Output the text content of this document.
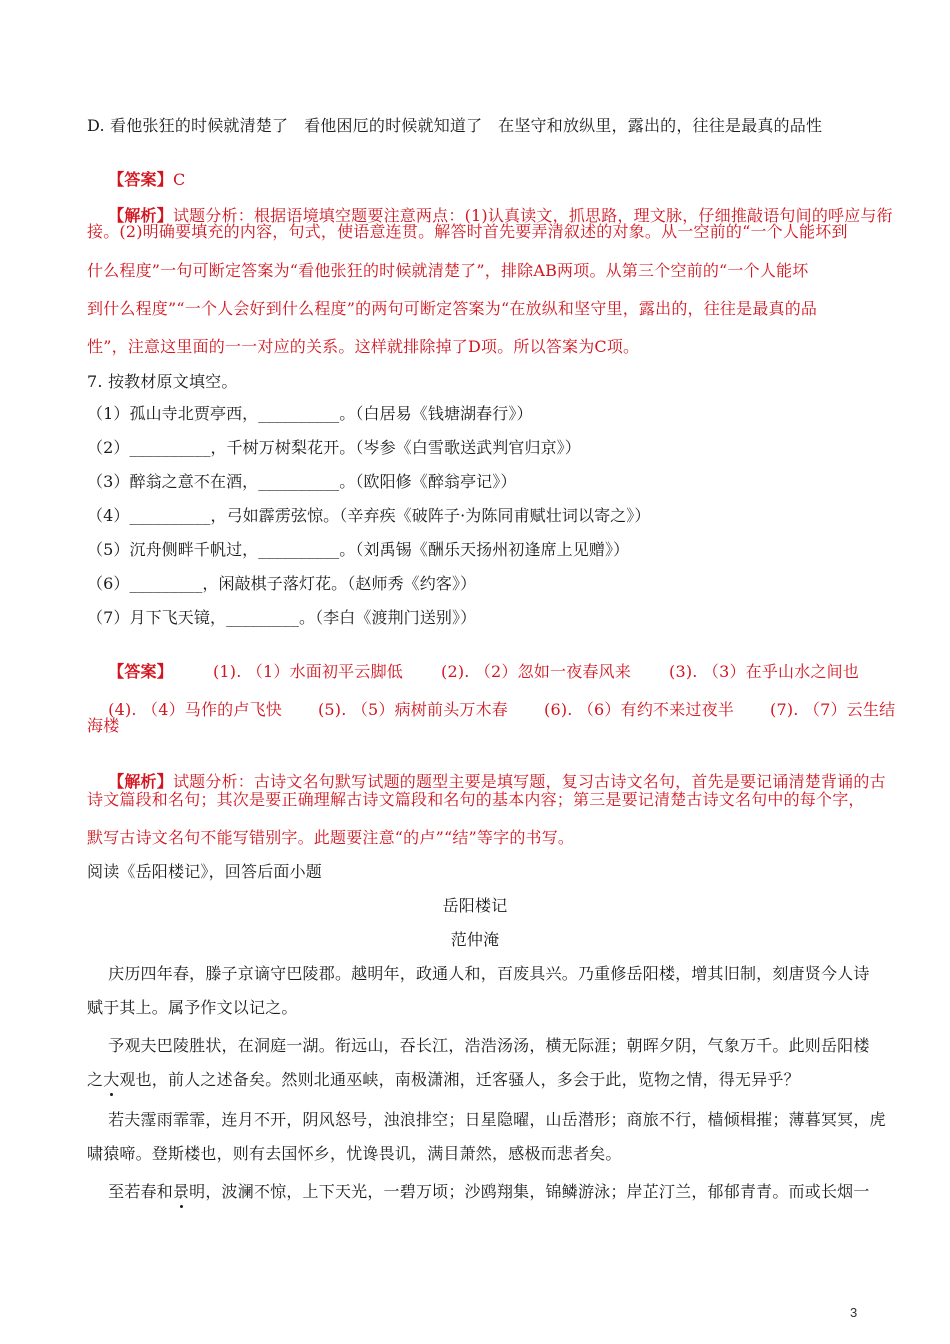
D. 看他张狂的时候就清楚了   看他困厄的时候就知道了   在坚守和放纵里，露出的，往往是最真的品性

【答案】C

【解析】试题分析：根据语境填空题要注意两点：(1)认真读文，抓思路，理文脉，仔细推敲语句间的呼应与衔

接。(2)明确要填充的内容，句式，使语意连贯。解答时首先要弄清叙述的对象。从一空前的“一个人能坏到
什么程度”一句可断定答案为“看他张狂的时候就清楚了”，排除AB两项。从第三个空前的“一个人能坏
到什么程度”“一个人会好到什么程度”的两句可断定答案为“在放纵和坚守里，露出的，往往是最真的品
性”，注意这里面的一一对应的关系。这样就排除掉了D项。所以答案为C项。
7. 按教材原文填空。
（1）孤山寺北贾亭西，__________。（白居易《钱塘湖春行》）
（2）__________，千树万树梨花开。（岑参《白雪歌送武判官归京》）
（3）醉翁之意不在酒，__________。（欧阳修《醉翁亭记》）
（4）__________，弓如霹雳弦惊。（辛弃疾《破阵子·为陈同甫赋壮词以寄之》）
（5）沉舟侧畔千帆过，__________。（刘禹锡《酬乐天扬州初逢席上见赠》）
（6）_________，闲敲棋子落灯花。（赵师秀《约客》）
（7）月下飞天镜，_________。（李白《渡荆门送别》）

【答案】	(1). （1）水面初平云脚低 (2). （2）忽如一夜春风来 (3). （3）在乎山水之间也

(4). （4）马作的卢飞快 (5). （5）病树前头万木春 (6). （6）有约不来过夜半 (7). （7）云生结

海楼

【解析】试题分析：古诗文名句默写试题的题型主要是填写题，复习古诗文名句，首先是要记诵清楚背诵的古

诗文篇段和名句；其次是要正确理解古诗文篇段和名句的基本内容；第三是要记清楚古诗文名句中的每个字，
默写古诗文名句不能写错别字。此题要注意“的卢”“结”等字的书写。
阅读《岳阳楼记》，回答后面小题
岳阳楼记
范仲淹
庆历四年春，滕子京谪守巴陵郡。越明年，政通人和，百废具兴。乃重修岳阳楼，增其旧制，刻唐贤今人诗
赋于其上。属予作文以记之。
予观夫巴陵胜状，在洞庭一湖。衔远山，吞长江，浩浩汤汤，横无际涯；朝晖夕阴，气象万千。此则岳阳楼
之大观也，前人之述备矣。然则北通巫峡，南极潇湘，迁客骚人，多会于此，览物之情，得无异乎？
若夫霪雨霏霏，连月不开，阴风怒号，浊浪排空；日星隐曜，山岳潜形；商旅不行，樯倾楫摧；薄暮冥冥，虎
啸猿啼。登斯楼也，则有去国怀乡，忧谗畏讥，满目萧然，感极而悲者矣。
至若春和景明，波澜不惊，上下天光，一碧万顷；沙鸥翔集，锦鳞游泳；岸芷汀兰，郁郁青青。而或长烟一
3
